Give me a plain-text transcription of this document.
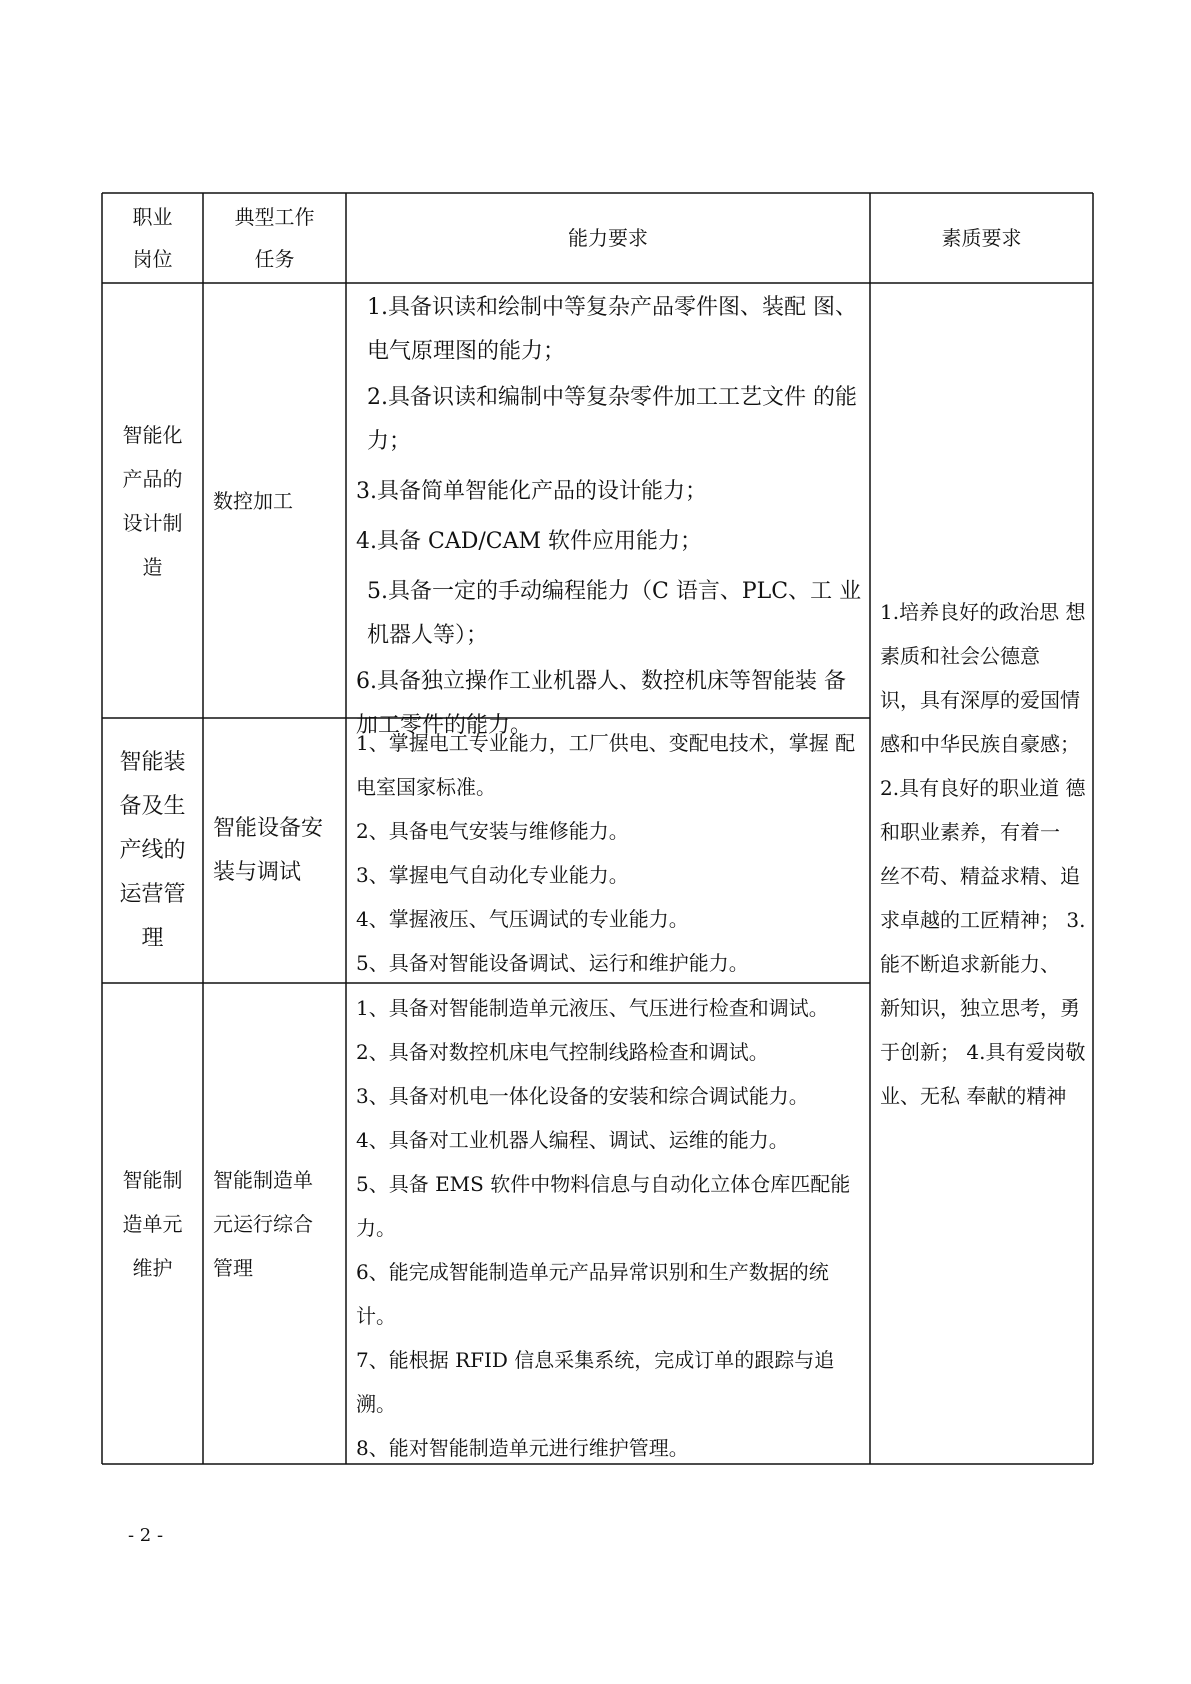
职业
岗位
典型工作
任务
能力要求	素质要求
智能化
产品的
设计制
造
数控加工
1.具备识读和绘制中等复杂产品零件图、装配 图、电气原理图的能力；
2.具备识读和编制中等复杂零件加工工艺文件 的能力；
3.具备简单智能化产品的设计能力；
4.具备 CAD/CAM 软件应用能力；
5.具备一定的手动编程能力（C 语言、PLC、工 业机器人等）；
6.具备独立操作工业机器人、数控机床等智能装 备加工零件的能力。
智能装
备及生
产线的
运营管
理
智能设备安
装与调试
1、掌握电工专业能力，工厂供电、变配电技术，掌握 配电室国家标准。
2、具备电气安装与维修能力。
3、掌握电气自动化专业能力。
4、掌握液压、气压调试的专业能力。
5、具备对智能设备调试、运行和维护能力。
智能制
造单元
维护
智能制造单
元运行综合
管理
1、具备对智能制造单元液压、气压进行检查和调试。
2、具备对数控机床电气控制线路检查和调试。
3、具备对机电一体化设备的安装和综合调试能力。
4、具备对工业机器人编程、调试、运维的能力。
5、具备 EMS 软件中物料信息与自动化立体仓库匹配能 力。
6、能完成智能制造单元产品异常识别和生产数据的统 计。
7、能根据 RFID 信息采集系统，完成订单的跟踪与追 溯。
8、能对智能制造单元进行维护管理。
1.培养良好的政治思 想素质和社会公德意 识，具有深厚的爱国情 感和中华民族自豪感； 2.具有良好的职业道 德和职业素养，有着一 丝不苟、精益求精、追 求卓越的工匠精神； 3.能不断追求新能力、 新知识，独立思考，勇 于创新； 4.具有爱岗敬业、无私 奉献的精神
- 2 -
